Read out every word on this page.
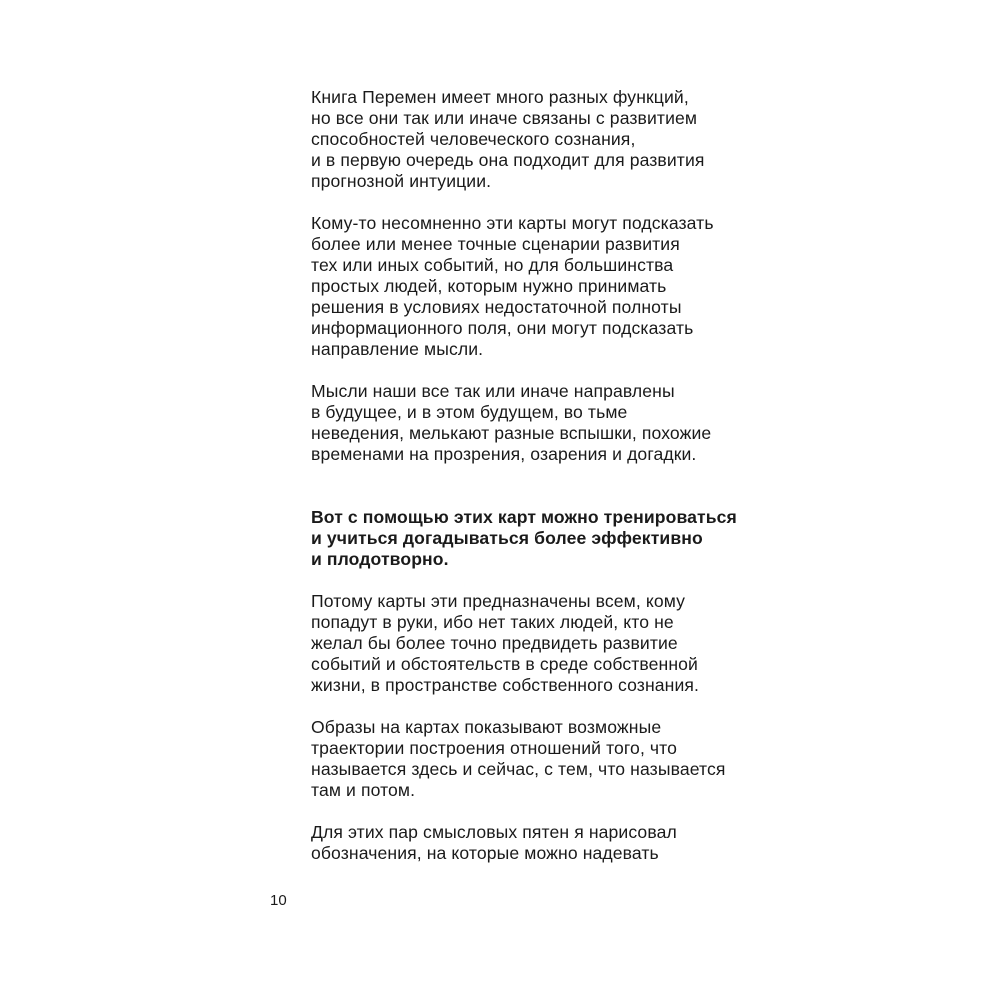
Книга Перемен имеет много разных функций,
но все они так или иначе связаны с развитием
способностей человеческого сознания,
и в первую очередь она подходит для развития
прогнозной интуиции.

Кому-то несомненно эти карты могут подсказать
более или менее точные сценарии развития
тех или иных событий, но для большинства
простых людей, которым нужно принимать
решения в условиях недостаточной полноты
информационного поля, они могут подсказать
направление мысли.

Мысли наши все так или иначе направлены
в будущее, и в этом будущем, во тьме
неведения, мелькают разные вспышки, похожие
временами на прозрения, озарения и догадки.

Вот с помощью этих карт можно тренироваться
и учиться догадываться более эффективно
и плодотворно.

Потому карты эти предназначены всем, кому
попадут в руки, ибо нет таких людей, кто не
желал бы более точно предвидеть развитие
событий и обстоятельств в среде собственной
жизни, в пространстве собственного сознания.

Образы на картах показывают возможные
траектории построения отношений того, что
называется здесь и сейчас, с тем, что называется
там и потом.

Для этих пар смысловых пятен я нарисовал
обозначения, на которые можно надевать

10
